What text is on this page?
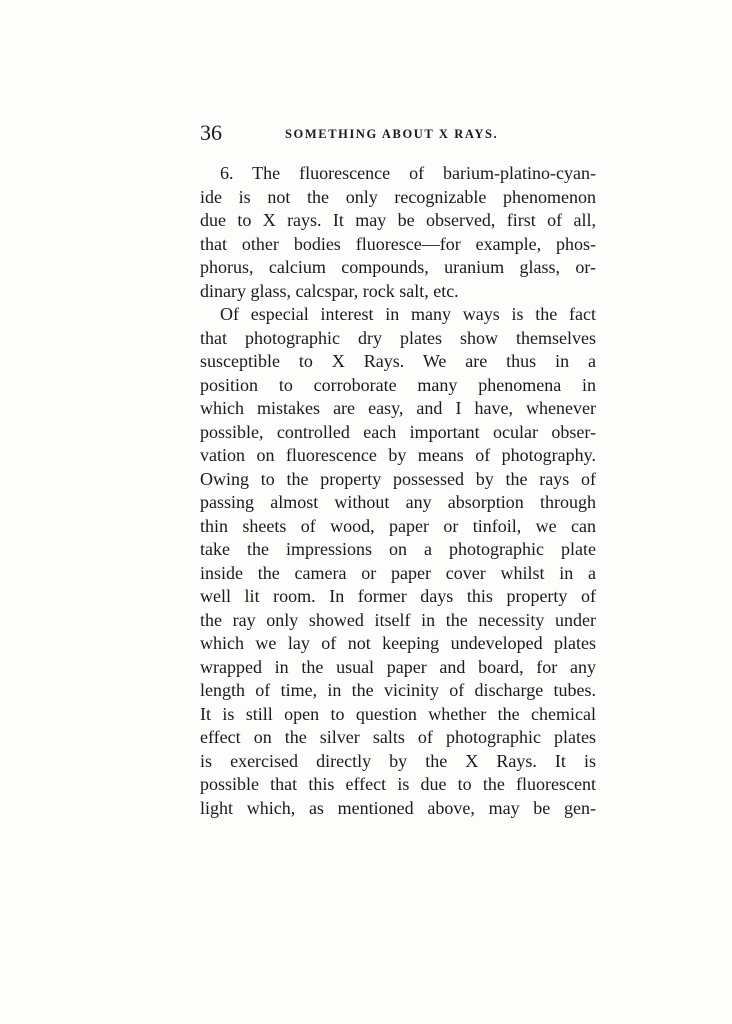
36	SOMETHING ABOUT X RAYS.
6. The fluorescence of barium-platino-cyan-
ide is not the only recognizable phenomenon
due to X rays. It may be observed, first of all,
that other bodies fluoresce—for example, phos-
phorus, calcium compounds, uranium glass, or-
dinary glass, calcspar, rock salt, etc.
Of especial interest in many ways is the fact
that photographic dry plates show themselves
susceptible to X Rays. We are thus in a
position to corroborate many phenomena in
which mistakes are easy, and I have, whenever
possible, controlled each important ocular obser-
vation on fluorescence by means of photography.
Owing to the property possessed by the rays of
passing almost without any absorption through
thin sheets of wood, paper or tinfoil, we can
take the impressions on a photographic plate
inside the camera or paper cover whilst in a
well lit room. In former days this property of
the ray only showed itself in the necessity under
which we lay of not keeping undeveloped plates
wrapped in the usual paper and board, for any
length of time, in the vicinity of discharge tubes.
It is still open to question whether the chemical
effect on the silver salts of photographic plates
is exercised directly by the X Rays. It is
possible that this effect is due to the fluorescent
light which, as mentioned above, may be gen-
